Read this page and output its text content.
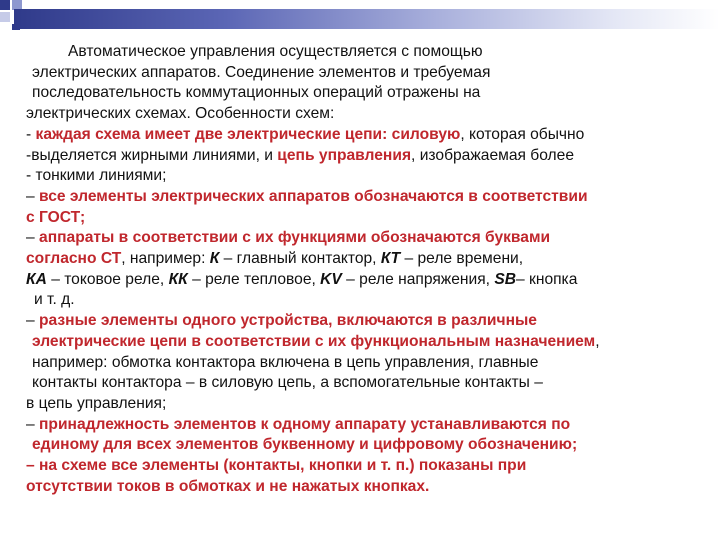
Автоматическое управления осуществляется с помощью
электрических аппаратов. Соединение элементов и требуемая
последовательность коммутационных операций отражены на
электрических схемах. Особенности схем:
- каждая схема имеет две электрические цепи: силовую, которая обычно
-выделяется жирными линиями, и цепь управления, изображаемая более
- тонкими линиями;
– все элементы электрических аппаратов обозначаются в соответствии
с ГОСТ;
– аппараты в соответствии с их функциями обозначаются буквами
согласно СТ, например: К – главный контактор, КТ – реле времени,
КА – токовое реле, КК – реле тепловое, KV – реле напряжения, SB– кнопка
и т. д.
– разные элементы одного устройства, включаются в различные
электрические цепи в соответствии с их функциональным назначением,
например: обмотка контактора включена в цепь управления, главные
контакты контактора – в силовую цепь, а вспомогательные контакты –
в цепь управления;
– принадлежность элементов к одному аппарату устанавливаются по
единому для всех элементов буквенному и цифровому обозначению;
– на схеме все элементы (контакты, кнопки и т. п.) показаны при
отсутствии токов в обмотках и не нажатых кнопках.
